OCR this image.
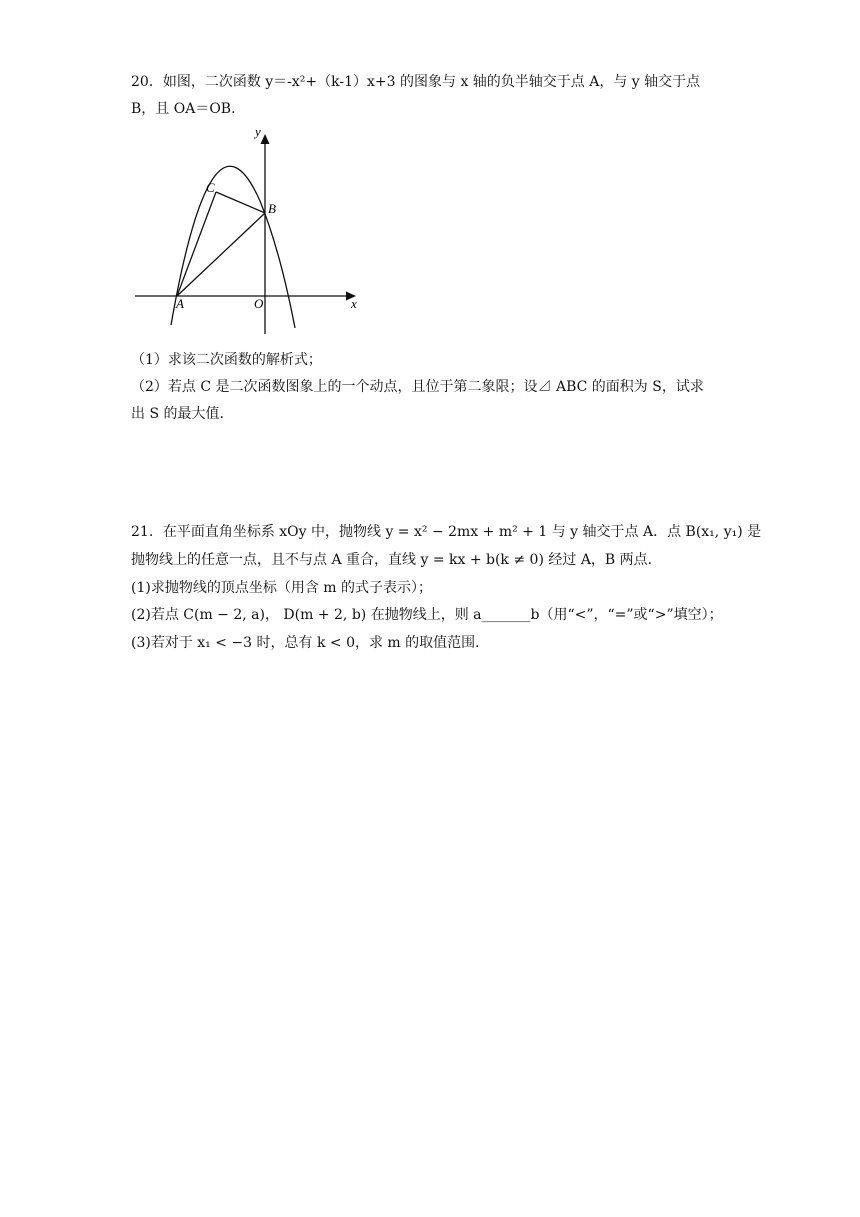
20．如图，二次函数 y＝-x²+（k-1）x+3 的图象与 x 轴的负半轴交于点 A，与 y 轴交于点
B，且 OA＝OB．
y
x
O
A
B
C
（1）求该二次函数的解析式；
（2）若点 C 是二次函数图象上的一个动点，且位于第二象限；设⊿ ABC 的面积为 S，试求
出 S 的最大值．
21．在平面直角坐标系 xOy 中，抛物线 y = x² − 2mx + m² + 1 与 y 轴交于点 A．点 B(x₁, y₁) 是
抛物线上的任意一点，且不与点 A 重合，直线 y = kx + b(k ≠ 0) 经过 A，B 两点．
(1)求抛物线的顶点坐标（用含 m 的式子表示）；
(2)若点 C(m − 2, a)， D(m + 2, b) 在抛物线上，则 a_______b（用“<”，“=”或“>”填空）；
(3)若对于 x₁ < −3 时，总有 k < 0，求 m 的取值范围．
